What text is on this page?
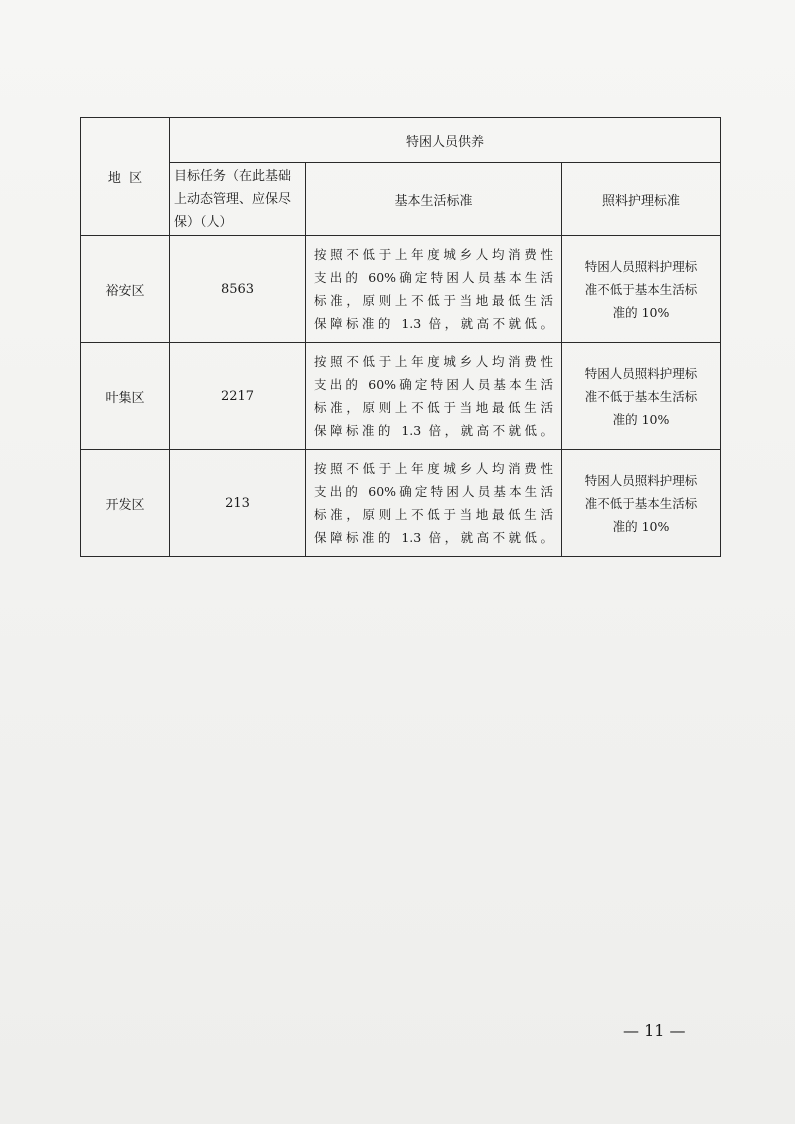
地  区	特困人员供养		
	目标任务（在此基础上动态管理、应保尽保）（人）	基本生活标准	照料护理标准
裕安区	8563	按照不低于上年度城乡人均消费性
支出的 60%确定特困人员基本生活
标准，原则上不低于当地最低生活
保障标准的 1.3 倍，就高不就低。	特困人员照料护理标
准不低于基本生活标
准的 10%

叶集区	2217	按照不低于上年度城乡人均消费性
支出的 60%确定特困人员基本生活
标准，原则上不低于当地最低生活
保障标准的 1.3 倍，就高不就低。	特困人员照料护理标
准不低于基本生活标
准的 10%

开发区	213	按照不低于上年度城乡人均消费性
支出的 60%确定特困人员基本生活
标准，原则上不低于当地最低生活
保障标准的 1.3 倍，就高不就低。	特困人员照料护理标
准不低于基本生活标
准的 10%
— 11 —
